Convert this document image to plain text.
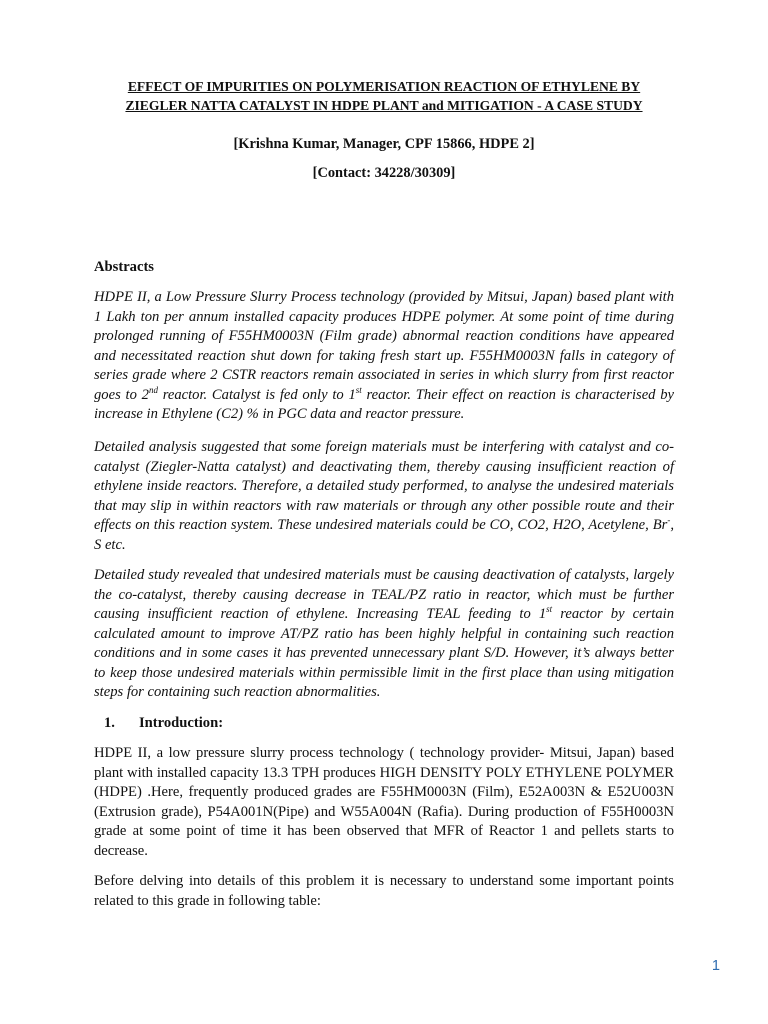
EFFECT OF IMPURITIES ON POLYMERISATION REACTION OF ETHYLENE BY
ZIEGLER NATTA CATALYST IN HDPE PLANT and MITIGATION - A CASE STUDY

[Krishna Kumar, Manager, CPF 15866, HDPE 2]

[Contact: 34228/30309]

Abstracts

HDPE II, a Low Pressure Slurry Process technology (provided by Mitsui, Japan) based plant with 1 Lakh ton per annum installed capacity produces HDPE polymer. At some point of time during prolonged running of F55HM0003N (Film grade) abnormal reaction conditions have appeared and necessitated reaction shut down for taking fresh start up. F55HM0003N falls in category of series grade where 2 CSTR reactors remain associated in series in which slurry from first reactor goes to 2nd reactor. Catalyst is fed only to 1st reactor. Their effect on reaction is characterised by increase in Ethylene (C2) % in PGC data and reactor pressure.

Detailed analysis suggested that some foreign materials must be interfering with catalyst and co-catalyst (Ziegler-Natta catalyst) and deactivating them, thereby causing insufficient reaction of ethylene inside reactors. Therefore, a detailed study performed, to analyse the undesired materials that may slip in within reactors with raw materials or through any other possible route and their effects on this reaction system. These undesired materials could be CO, CO2, H2O, Acetylene, Br-, S etc.

Detailed study revealed that undesired materials must be causing deactivation of catalysts, largely the co-catalyst, thereby causing decrease in TEAL/PZ ratio in reactor, which must be further causing insufficient reaction of ethylene. Increasing TEAL feeding to 1st reactor by certain calculated amount to improve AT/PZ ratio has been highly helpful in containing such reaction conditions and in some cases it has prevented unnecessary plant S/D. However, it’s always better to keep those undesired materials within permissible limit in the first place than using mitigation steps for containing such reaction abnormalities.

1. Introduction:

HDPE II, a low pressure slurry process technology ( technology provider- Mitsui, Japan) based plant with installed capacity 13.3 TPH produces HIGH DENSITY POLY ETHYLENE POLYMER (HDPE) .Here, frequently produced grades are F55HM0003N (Film), E52A003N & E52U003N (Extrusion grade), P54A001N(Pipe) and W55A004N (Rafia). During production of F55H0003N grade at some point of time it has been observed that MFR of Reactor 1 and pellets starts to decrease.

Before delving into details of this problem it is necessary to understand some important points related to this grade in following table:

1
